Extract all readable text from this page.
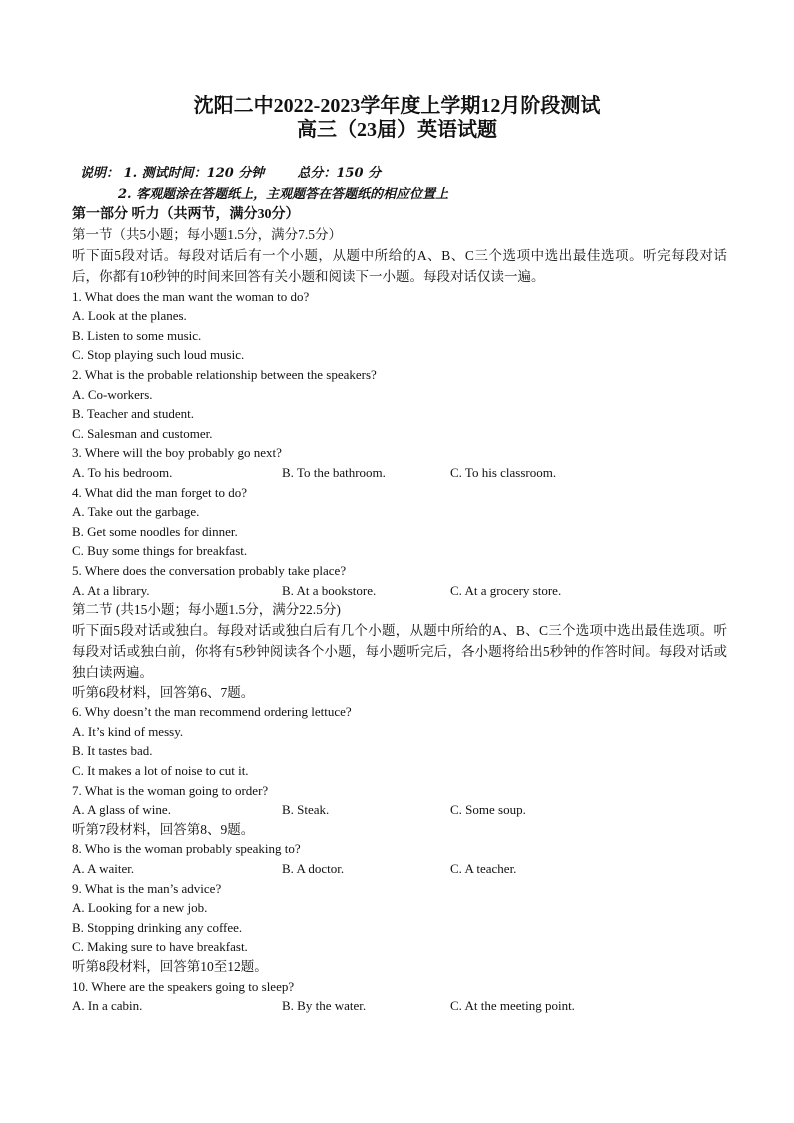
沈阳二中2022-2023学年度上学期12月阶段测试
高三（23届）英语试题
说明： 1. 测试时间：120 分钟	总分：150 分
2. 客观题涂在答题纸上，主观题答在答题纸的相应位置上
第一部分 听力（共两节，满分30分）
第一节（共5小题；每小题1.5分，满分7.5分）
听下面5段对话。每段对话后有一个小题，从题中所给的A、B、C三个选项中选出最佳选项。听完每段对话后，你都有10秒钟的时间来回答有关小题和阅读下一小题。每段对话仅读一遍。
1. What does the man want the woman to do?
A. Look at the planes.
B. Listen to some music.
C. Stop playing such loud music.
2. What is the probable relationship between the speakers?
A. Co-workers.
B. Teacher and student.
C. Salesman and customer.
3. Where will the boy probably go next?
A. To his bedroom.	B. To the bathroom.	C. To his classroom.
4. What did the man forget to do?
A. Take out the garbage.
B. Get some noodles for dinner.
C. Buy some things for breakfast.
5. Where does the conversation probably take place?
A. At a library.	B. At a bookstore.	C. At a grocery store.
第二节 (共15小题；每小题1.5分，满分22.5分)
听下面5段对话或独白。每段对话或独白后有几个小题，从题中所给的A、B、C三个选项中选出最佳选项。听每段对话或独白前，你将有5秒钟阅读各个小题，每小题听完后，各小题将给出5秒钟的作答时间。每段对话或独白读两遍。
听第6段材料，回答第6、7题。
6. Why doesn’t the man recommend ordering lettuce?
A. It’s kind of messy.
B. It tastes bad.
C. It makes a lot of noise to cut it.
7. What is the woman going to order?
A. A glass of wine.	B. Steak.	C. Some soup.
听第7段材料，回答第8、9题。
8. Who is the woman probably speaking to?
A. A waiter.	B. A doctor.	C. A teacher.
9. What is the man’s advice?
A. Looking for a new job.
B. Stopping drinking any coffee.
C. Making sure to have breakfast.
听第8段材料，回答第10至12题。
10. Where are the speakers going to sleep?
A. In a cabin.	B. By the water.	C. At the meeting point.
